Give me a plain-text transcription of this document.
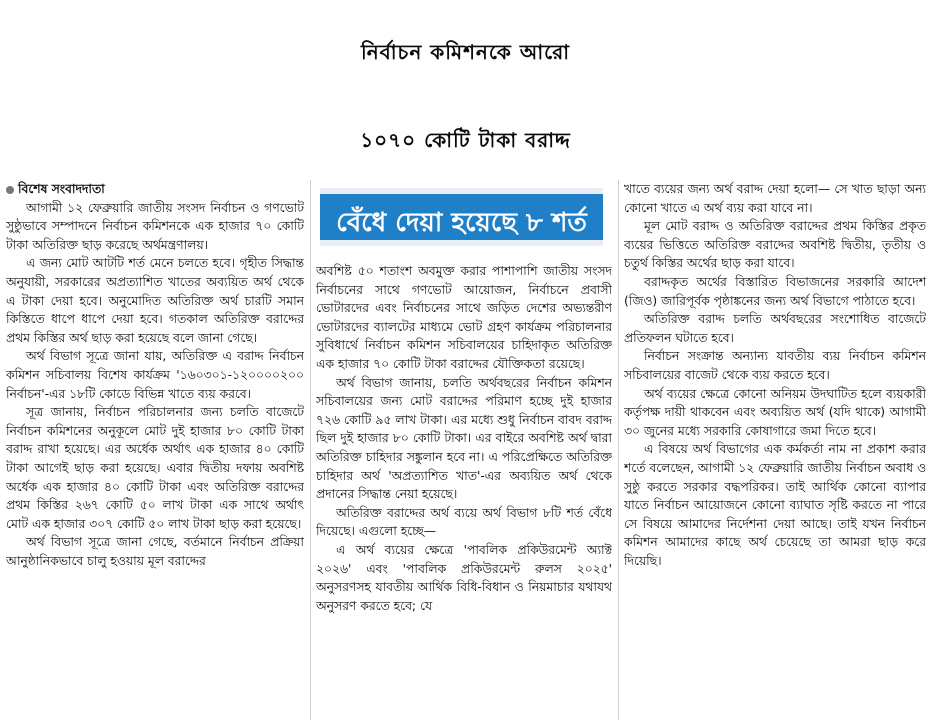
নির্বাচন কমিশনকে আরো
১০৭০ কোটি টাকা বরাদ্দ

বিশেষ সংবাদদাতা

আগামী ১২ ফেব্রুয়ারি জাতীয় সংসদ নির্বাচন ও গণভোট সুষ্ঠুভাবে সম্পাদনে নির্বাচন কমিশনকে এক হাজার ৭০ কোটি টাকা অতিরিক্ত ছাড় করেছে অর্থমন্ত্রণালয়।

এ জন্য মোট আটটি শর্ত মেনে চলতে হবে। গৃহীত সিদ্ধান্ত অনুযায়ী, সরকারের অপ্রত্যাশিত খাতের অব্যয়িত অর্থ থেকে এ টাকা দেয়া হবে। অনুমোদিত অতিরিক্ত অর্থ চারটি সমান কিস্তিতে ধাপে ধাপে দেয়া হবে। গতকাল অতিরিক্ত বরাদ্দের প্রথম কিস্তির অর্থ ছাড় করা হয়েছে বলে জানা গেছে।

অর্থ বিভাগ সূত্রে জানা যায়, অতিরিক্ত এ বরাদ্দ নির্বাচন কমিশন সচিবালয় বিশেষ কার্যক্রম '১৬০৩০১-১২০০০০২০০ নির্বাচন'-এর ১৮টি কোডে বিভিন্ন খাতে ব্যয় করবে।

সূত্র জানায়, নির্বাচন পরিচালনার জন্য চলতি বাজেটে নির্বাচন কমিশনের অনুকূলে মোট দুই হাজার ৮০ কোটি টাকা বরাদ্দ রাখা হয়েছে। এর অর্ধেক অর্থাৎ এক হাজার ৪০ কোটি টাকা আগেই ছাড় করা হয়েছে। এবার দ্বিতীয় দফায় অবশিষ্ট অর্ধেক এক হাজার ৪০ কোটি টাকা এবং অতিরিক্ত বরাদ্দের প্রথম কিস্তির ২৬৭ কোটি ৫০ লাখ টাকা এক সাথে অর্থাৎ মোট এক হাজার ৩০৭ কোটি ৫০ লাখ টাকা ছাড় করা হয়েছে।

অর্থ বিভাগ সূত্রে জানা গেছে, বর্তমানে নির্বাচন প্রক্রিয়া আনুষ্ঠানিকভাবে চালু হওয়ায় মূল বরাদ্দের

বেঁধে দেয়া হয়েছে ৮ শর্ত

অবশিষ্ট ৫০ শতাংশ অবমুক্ত করার পাশাপাশি জাতীয় সংসদ নির্বাচনের সাথে গণভোট আয়োজন, নির্বাচনে প্রবাসী ভোটারদের এবং নির্বাচনের সাথে জড়িত দেশের অভ্যন্তরীণ ভোটারদের ব্যালটের মাধ্যমে ভোট গ্রহণ কার্যক্রম পরিচালনার সুবিধার্থে নির্বাচন কমিশন সচিবালয়ের চাহিদাকৃত অতিরিক্ত এক হাজার ৭০ কোটি টাকা বরাদ্দের যৌক্তিকতা রয়েছে।

অর্থ বিভাগ জানায়, চলতি অর্থবছরের নির্বাচন কমিশন সচিবালয়ের জন্য মোট বরাদ্দের পরিমাণ হচ্ছে দুই হাজার ৭২৬ কোটি ৯৫ লাখ টাকা। এর মধ্যে শুধু নির্বাচন বাবদ বরাদ্দ ছিল দুই হাজার ৮০ কোটি টাকা। এর বাইরে অবশিষ্ট অর্থ দ্বারা অতিরিক্ত চাহিদার সঙ্কুলান হবে না। এ পরিপ্রেক্ষিতে অতিরিক্ত চাহিদার অর্থ 'অপ্রত্যাশিত খাত'-এর অব্যয়িত অর্থ থেকে প্রদানের সিদ্ধান্ত নেয়া হয়েছে।

অতিরিক্ত বরাদ্দের অর্থ ব্যয়ে অর্থ বিভাগ ৮টি শর্ত বেঁধে দিয়েছে। এগুলো হচ্ছে—

এ অর্থ ব্যয়ের ক্ষেত্রে 'পাবলিক প্রকিউরমেন্ট অ্যাক্ট ২০২৬' এবং 'পাবলিক প্রকিউরমেন্ট রুলস ২০২৫' অনুসরণসহ যাবতীয় আর্থিক বিধি-বিধান ও নিয়মাচার যথাযথ অনুসরণ করতে হবে; যে

খাতে ব্যয়ের জন্য অর্থ বরাদ্দ দেয়া হলো— সে খাত ছাড়া অন্য কোনো খাতে এ অর্থ ব্যয় করা যাবে না।

মূল মোট বরাদ্দ ও অতিরিক্ত বরাদ্দের প্রথম কিস্তির প্রকৃত ব্যয়ের ভিত্তিতে অতিরিক্ত বরাদ্দের অবশিষ্ট দ্বিতীয়, তৃতীয় ও চতুর্থ কিস্তির অর্থের ছাড় করা যাবে।

বরাদ্দকৃত অর্থের বিস্তারিত বিভাজনের সরকারি আদেশ (জিও) জারিপূর্বক পৃষ্ঠাঙ্কনের জন্য অর্থ বিভাগে পাঠাতে হবে।

অতিরিক্ত বরাদ্দ চলতি অর্থবছরের সংশোধিত বাজেটে প্রতিফলন ঘটাতে হবে।

নির্বাচন সংক্রান্ত অন্যান্য যাবতীয় ব্যয় নির্বাচন কমিশন সচিবালয়ের বাজেট থেকে ব্যয় করতে হবে।

অর্থ ব্যয়ের ক্ষেত্রে কোনো অনিয়ম উদঘাটিত হলে ব্যয়কারী কর্তৃপক্ষ দায়ী থাকবেন এবং অব্যয়িত অর্থ (যদি থাকে) আগামী ৩০ জুনের মধ্যে সরকারি কোষাগারে জমা দিতে হবে।

এ বিষয়ে অর্থ বিভাগের এক কর্মকর্তা নাম না প্রকাশ করার শর্তে বলেছেন, আগামী ১২ ফেব্রুয়ারি জাতীয় নির্বাচন অবাধ ও সুষ্ঠু করতে সরকার বদ্ধপরিকর। তাই আর্থিক কোনো ব্যাপার যাতে নির্বাচন আয়োজনে কোনো ব্যাঘাত সৃষ্টি করতে না পারে সে বিষয়ে আমাদের নির্দেশনা দেয়া আছে। তাই যখন নির্বাচন কমিশন আমাদের কাছে অর্থ চেয়েছে তা আমরা ছাড় করে দিয়েছি।
